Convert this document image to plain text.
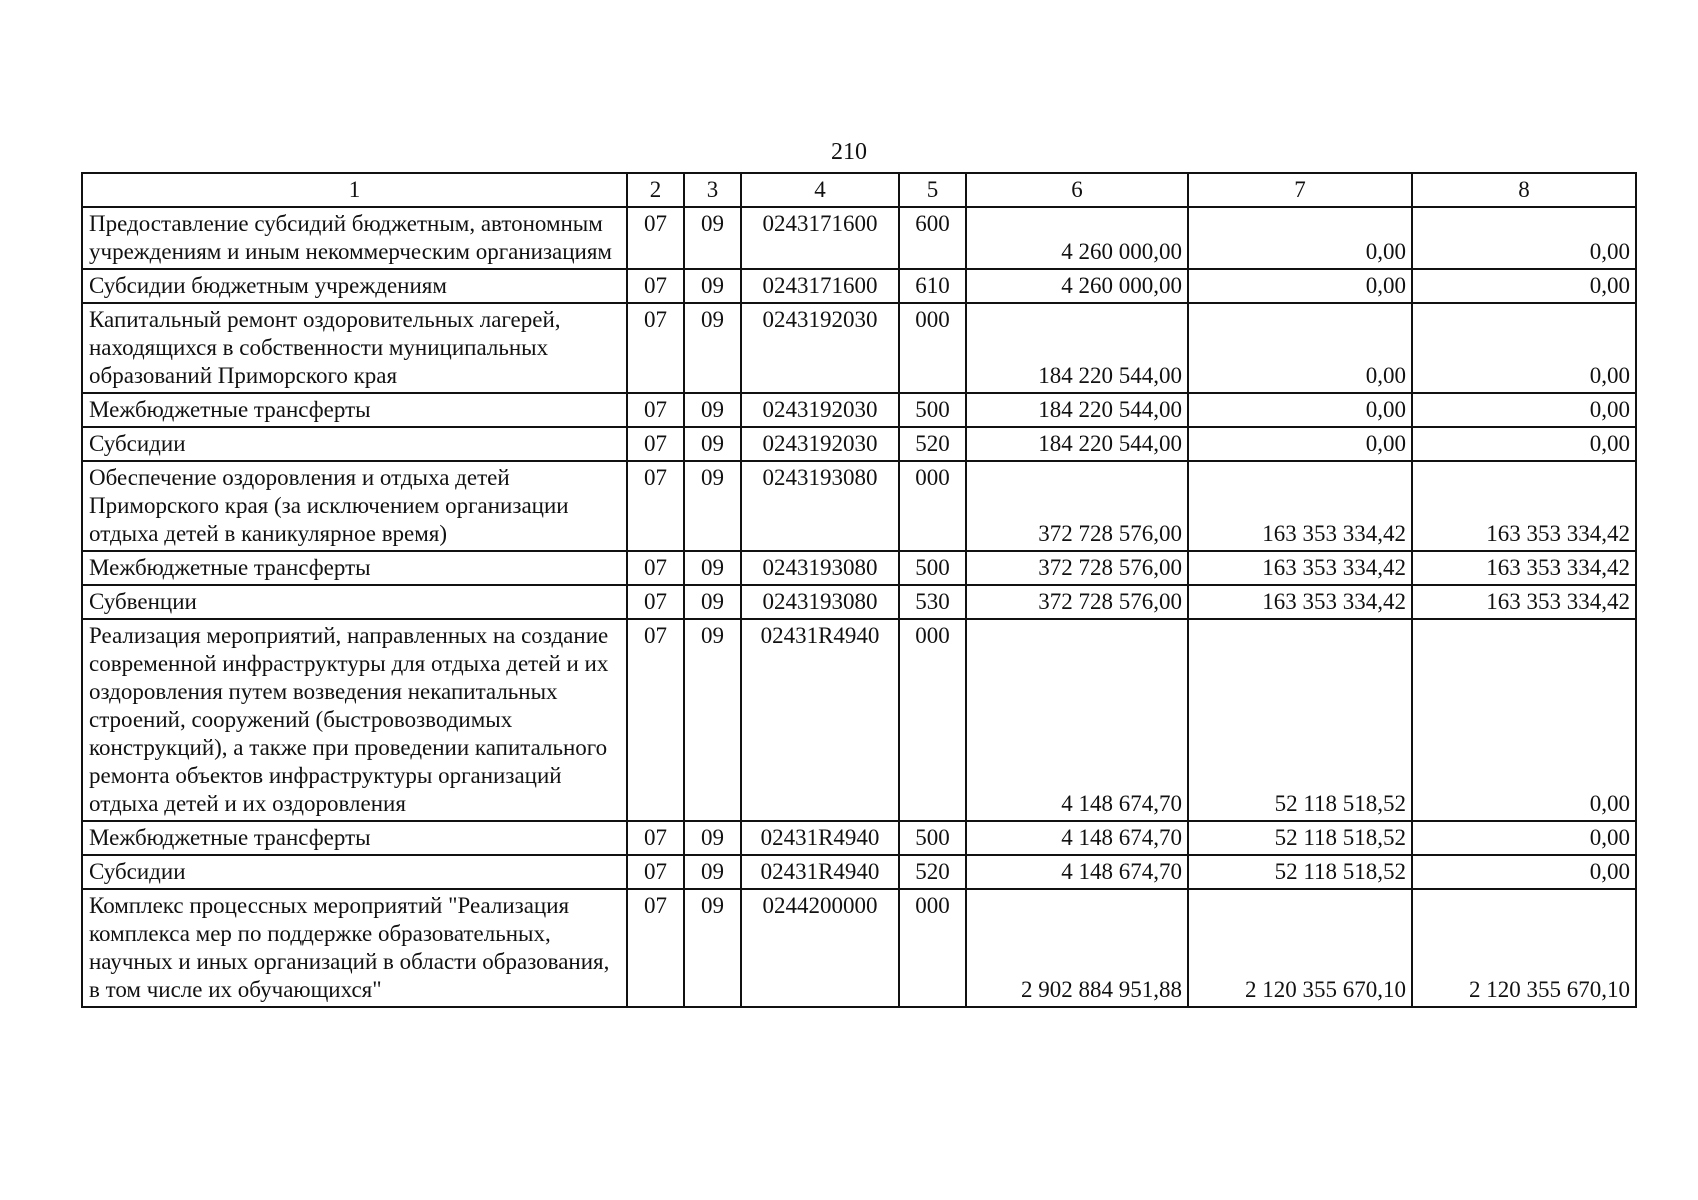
210
1	2	3	4	5	6	7	8
Предоставление субсидий бюджетным, автономным учреждениям и иным некоммерческим организациям	07	09	0243171600	600	4 260 000,00	0,00	0,00
Субсидии бюджетным учреждениям	07	09	0243171600	610	4 260 000,00	0,00	0,00
Капитальный ремонт оздоровительных лагерей, находящихся в собственности муниципальных образований Приморского края	07	09	0243192030	000	184 220 544,00	0,00	0,00
Межбюджетные трансферты	07	09	0243192030	500	184 220 544,00	0,00	0,00
Субсидии	07	09	0243192030	520	184 220 544,00	0,00	0,00
Обеспечение оздоровления и отдыха детей Приморского края (за исключением организации отдыха детей в каникулярное время)	07	09	0243193080	000	372 728 576,00	163 353 334,42	163 353 334,42
Межбюджетные трансферты	07	09	0243193080	500	372 728 576,00	163 353 334,42	163 353 334,42
Субвенции	07	09	0243193080	530	372 728 576,00	163 353 334,42	163 353 334,42
Реализация мероприятий, направленных на создание современной инфраструктуры для отдыха детей и их оздоровления путем возведения некапитальных строений, сооружений (быстровозводимых конструкций), а также при проведении капитального ремонта объектов инфраструктуры организаций отдыха детей и их оздоровления	07	09	02431R4940	000	4 148 674,70	52 118 518,52	0,00
Межбюджетные трансферты	07	09	02431R4940	500	4 148 674,70	52 118 518,52	0,00
Субсидии	07	09	02431R4940	520	4 148 674,70	52 118 518,52	0,00
Комплекс процессных мероприятий "Реализация комплекса мер по поддержке образовательных, научных и иных организаций в области образования, в том числе их обучающихся"	07	09	0244200000	000	2 902 884 951,88	2 120 355 670,10	2 120 355 670,10
